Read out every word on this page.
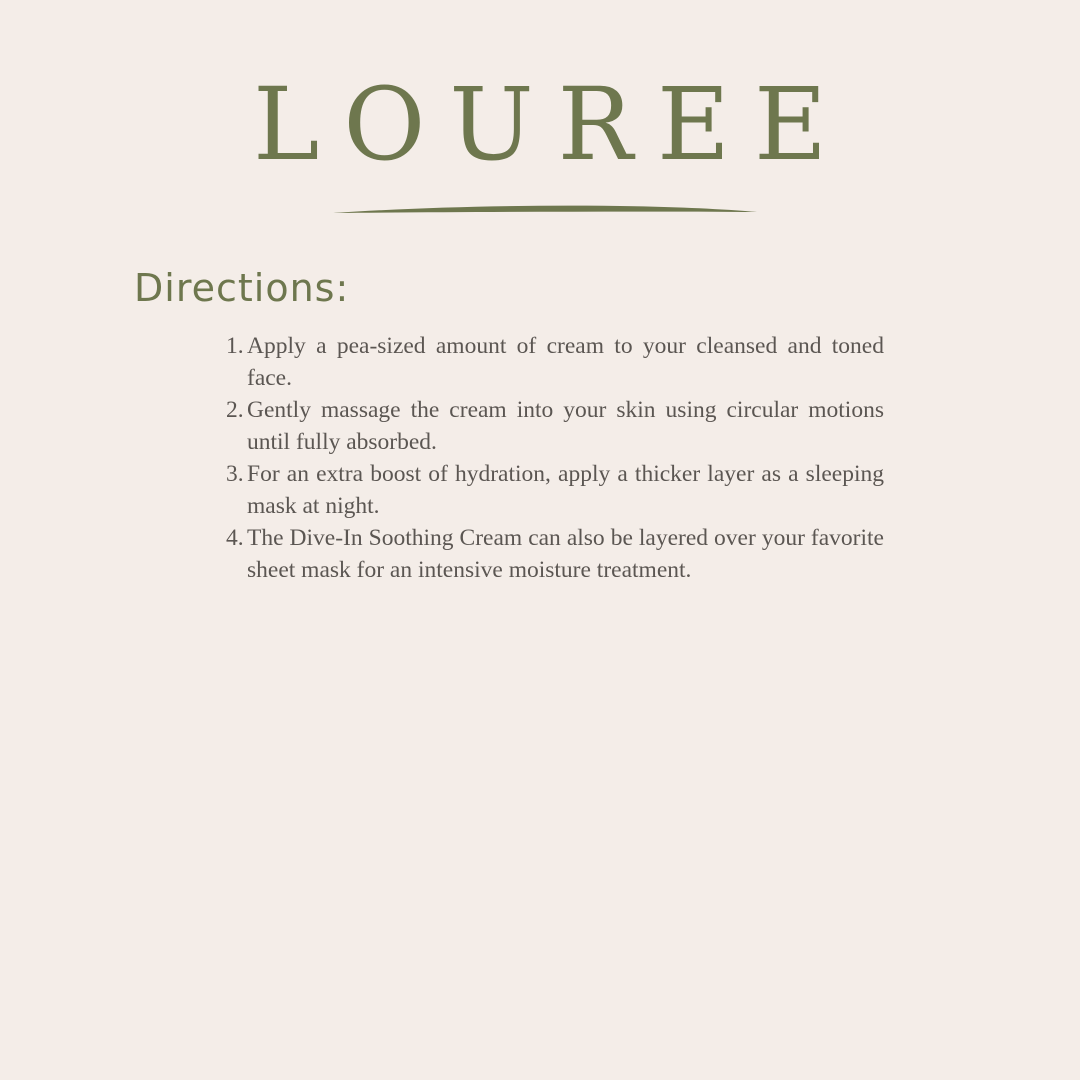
LOUREE
Directions:
1. Apply a pea-sized amount of cream to your cleansed and toned face.
2. Gently massage the cream into your skin using circular motions until fully absorbed.
3. For an extra boost of hydration, apply a thicker layer as a sleeping mask at night.
4. The Dive-In Soothing Cream can also be layered over your favorite sheet mask for an intensive moisture treatment.
